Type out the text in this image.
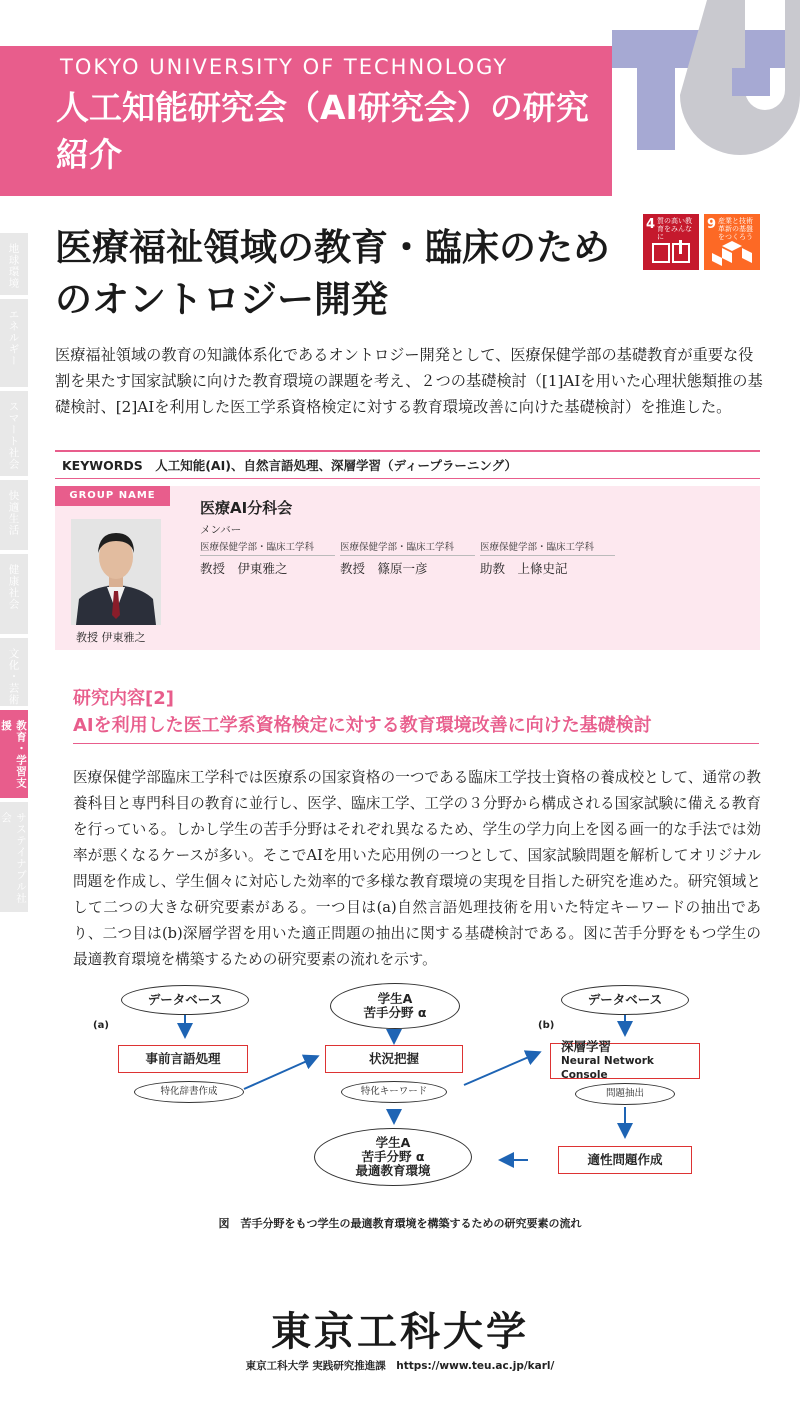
TOKYO UNIVERSITY OF TECHNOLOGY
人工知能研究会（AI研究会）の研究紹介
地球環境
エネルギー
スマート社会
快適生活
健康社会
文化・芸術
教育・学習支援
サステイナブル社会
医療福祉領域の教育・臨床のためのオントロジー開発
4 質の高い教育をみんなに
9 産業と技術革新の基盤をつくろう
医療福祉領域の教育の知識体系化であるオントロジー開発として、医療保健学部の基礎教育が重要な役割を果たす国家試験に向けた教育環境の課題を考え、２つの基礎検討（[1]AIを用いた心理状態類推の基礎検討、[2]AIを利用した医工学系資格検定に対する教育環境改善に向けた基礎検討）を推進した。
KEYWORDS　人工知能(AI)、自然言語処理、深層学習（ディープラーニング）
GROUP NAME
医療AI分科会
メンバー
医療保健学部・臨床工学科
教授　伊東雅之
医療保健学部・臨床工学科
教授　篠原一彦
医療保健学部・臨床工学科
助教　上條史記
教授 伊東雅之
研究内容[2]
AIを利用した医工学系資格検定に対する教育環境改善に向けた基礎検討
医療保健学部臨床工学科では医療系の国家資格の一つである臨床工学技士資格の養成校として、通常の教養科目と専門科目の教育に並行し、医学、臨床工学、工学の３分野から構成される国家試験に備える教育を行っている。しかし学生の苦手分野はそれぞれ異なるため、学生の学力向上を図る画一的な手法では効率が悪くなるケースが多い。そこでAIを用いた応用例の一つとして、国家試験問題を解析してオリジナル問題を作成し、学生個々に対応した効率的で多様な教育環境の実現を目指した研究を進めた。研究領域として二つの大きな研究要素がある。一つ目は(a)自然言語処理技術を用いた特定キーワードの抽出であり、二つ目は(b)深層学習を用いた適正問題の抽出に関する基礎検討である。図に苦手分野をもつ学生の最適教育環境を構築するための研究要素の流れを示す。
(a)	(b)
データベース	学生A
苦手分野 α
データベース
事前言語処理	状況把握
深層学習
Neural Network Console
特化辞書作成	特化キーワード	問題抽出
学生A
苦手分野 α
最適教育環境
適性問題作成
図　苦手分野をもつ学生の最適教育環境を構築するための研究要素の流れ
東京工科大学
東京工科大学 実践研究推進課　https://www.teu.ac.jp/karl/
